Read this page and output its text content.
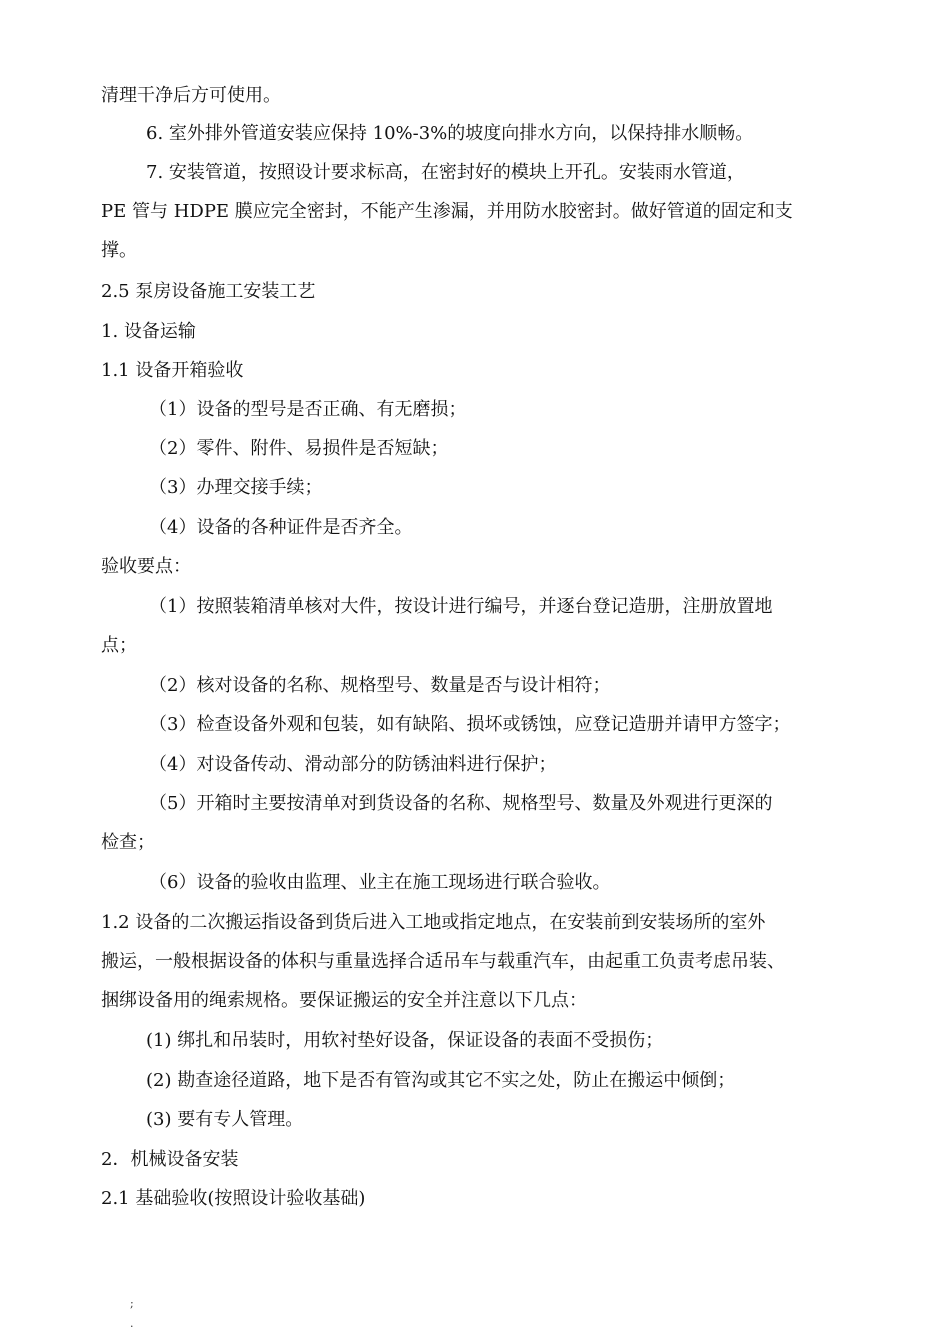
清理干净后方可使用。
6. 室外排外管道安装应保持 10%-3%的坡度向排水方向，以保持排水顺畅。
7. 安装管道，按照设计要求标高，在密封好的模块上开孔。安装雨水管道，
PE 管与 HDPE 膜应完全密封，不能产生渗漏，并用防水胶密封。做好管道的固定和支
撑。
2.5 泵房设备施工安装工艺
1. 设备运输
1.1 设备开箱验收
（1）设备的型号是否正确、有无磨损；
（2）零件、附件、易损件是否短缺；
（3）办理交接手续；
（4）设备的各种证件是否齐全。
验收要点：
（1）按照装箱清单核对大件，按设计进行编号，并逐台登记造册，注册放置地
点；
（2）核对设备的名称、规格型号、数量是否与设计相符；
（3）检查设备外观和包装，如有缺陷、损坏或锈蚀，应登记造册并请甲方签字；
（4）对设备传动、滑动部分的防锈油料进行保护；
（5）开箱时主要按清单对到货设备的名称、规格型号、数量及外观进行更深的
检查；
（6）设备的验收由监理、业主在施工现场进行联合验收。
1.2 设备的二次搬运指设备到货后进入工地或指定地点，在安装前到安装场所的室外
搬运，一般根据设备的体积与重量选择合适吊车与载重汽车，由起重工负责考虑吊装、
捆绑设备用的绳索规格。要保证搬运的安全并注意以下几点：
(1) 绑扎和吊装时，用软衬垫好设备，保证设备的表面不受损伤；
(2) 勘查途径道路，地下是否有管沟或其它不实之处，防止在搬运中倾倒；
(3) 要有专人管理。
2．机械设备安装
2.1 基础验收(按照设计验收基础)
;
.
